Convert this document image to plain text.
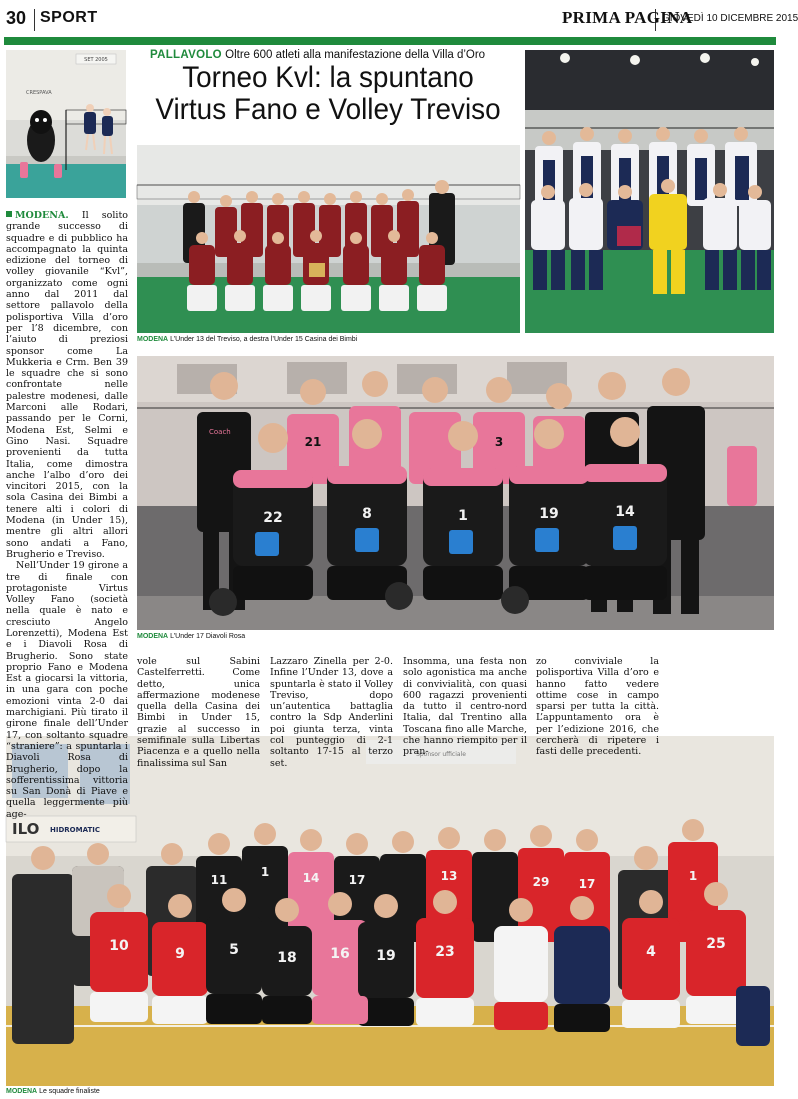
30 SPORT	PRIMA PAGINA
GIOVEDÌ 10 DICEMBRE 2015
PALLAVOLO Oltre 600 atleti alla manifestazione della Villa d’Oro
Torneo Kvl: la spuntano
Virtus Fano e Volley Treviso
SET 2005
CRESPAVA
MODENA L’Under 13 del Treviso, a destra l’Under 15 Casina dei Bimbi
Coach
21	3
22	8	1	19	14
MODENA L’Under 17 Diavoli Rosa
ILO HIDROMATIC
Sponsor ufficiale
11
1	14 17	13	29 17
1
10	9	5	18 16 19	23	4	25
MODENA Le squadre finaliste

MODENA. Il solito grande successo di squadre e di pubblico ha accompagnato la quinta edizione del torneo di volley giovanile “Kvl”, organizzato come ogni anno dal 2011 dal settore pallavolo della polisportiva Villa d’oro per l’8 dicembre, con l’aiuto di preziosi sponsor come La Mukkeria e Crm. Ben 39 le squadre che si sono confrontate nelle palestre modenesi, dalle Marconi alle Rodari, passando per le Corni, Modena Est, Selmi e Gino Nasi. Squadre provenienti da tutta Italia, come dimostra anche l’albo d’oro dei vincitori 2015, con la sola Casina dei Bimbi a tenere alti i colori di Modena (in Under 15), mentre gli altri allori sono andati a Fano, Brugherio e Treviso.

Nell’Under 19 girone a tre di finale con protagoniste Virtus Volley Fano (società nella quale è nato e cresciuto Angelo Lorenzetti), Modena Est e i Diavoli Rosa di Brugherio. Sono state proprio Fano e Modena Est a giocarsi la vittoria, in una gara con poche emozioni vinta 2-0 dai marchigiani. Più tirato il girone finale dell’Under 17, con soltanto squadre “straniere”: a spuntarla i Diavoli Rosa di Brugherio, dopo la sofferentissima vittoria su San Donà di Piave e quella leggermente più age-

vole sul Sabini Castelferretti. Come detto, unica affermazione modenese quella della Casina dei Bimbi in Under 15, grazie al successo in semifinale sulla Libertas Piacenza e a quello nella finalissima sul San

Lazzaro Zinella per 2-0. Infine l’Under 13, dove a spuntarla è stato il Volley Treviso, dopo un’autentica battaglia contro la Sdp Anderlini poi giunta terza, vinta col punteggio di 2-1 soltanto 17-15 al terzo set.

Insomma, una festa non solo agonistica ma anche di convivialità, con quasi 600 ragazzi provenienti da tutto il centro-nord Italia, dal Trentino alla Toscana fino alle Marche, che hanno riempito per il pran-

zo conviviale la polisportiva Villa d’oro e hanno fatto vedere ottime cose in campo sparsi per tutta la città. L’appuntamento ora è per l’edizione 2016, che cercherà di ripetere i fasti delle precedenti.
